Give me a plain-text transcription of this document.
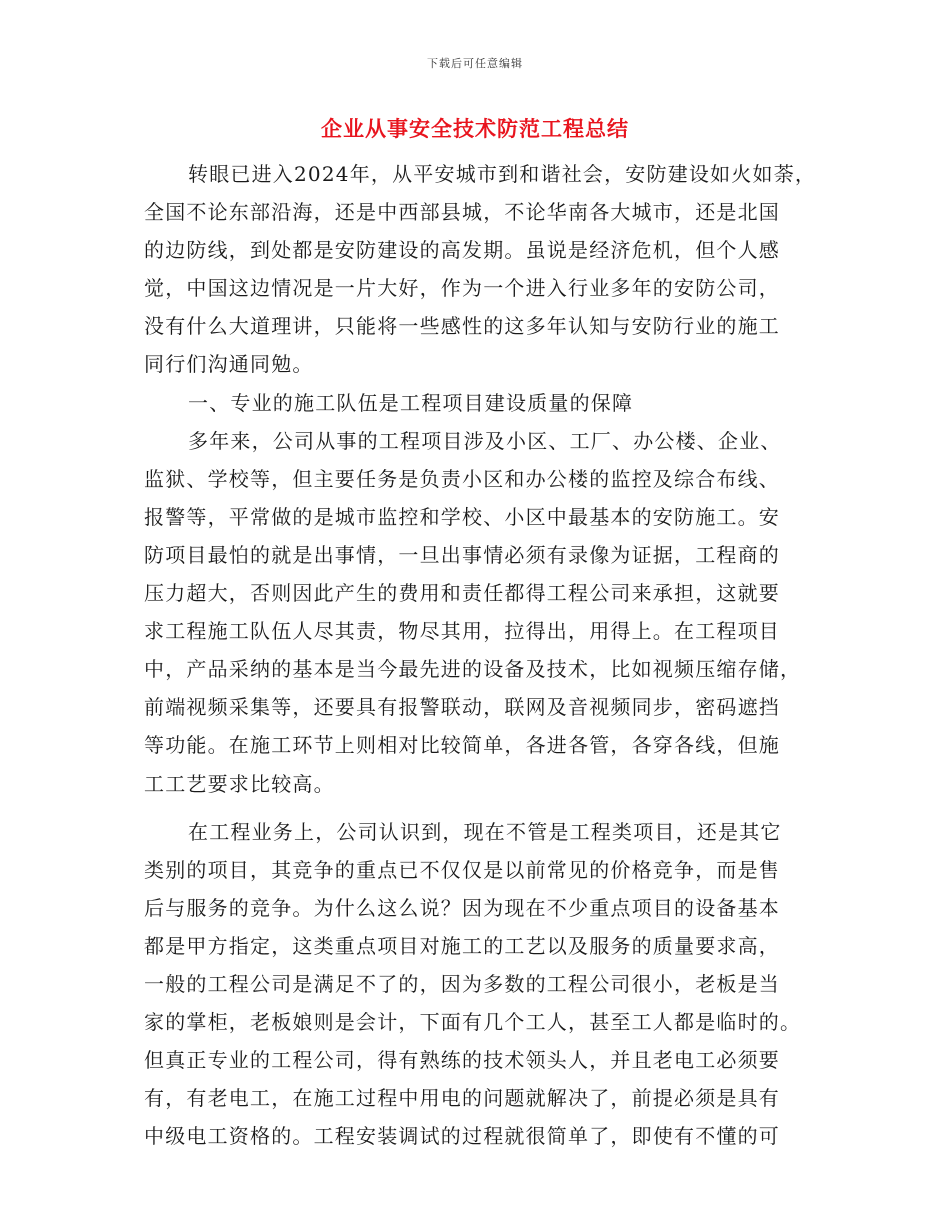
下载后可任意编辑
企业从事安全技术防范工程总结
转眼已进入2024年，从平安城市到和谐社会，安防建设如火如荼，
全国不论东部沿海，还是中西部县城，不论华南各大城市，还是北国
的边防线，到处都是安防建设的高发期。虽说是经济危机，但个人感
觉，中国这边情况是一片大好，作为一个进入行业多年的安防公司，
没有什么大道理讲，只能将一些感性的这多年认知与安防行业的施工
同行们沟通同勉。
一、专业的施工队伍是工程项目建设质量的保障
多年来，公司从事的工程项目涉及小区、工厂、办公楼、企业、
监狱、学校等，但主要任务是负责小区和办公楼的监控及综合布线、
报警等，平常做的是城市监控和学校、小区中最基本的安防施工。安
防项目最怕的就是出事情，一旦出事情必须有录像为证据，工程商的
压力超大，否则因此产生的费用和责任都得工程公司来承担，这就要
求工程施工队伍人尽其责，物尽其用，拉得出，用得上。在工程项目
中，产品采纳的基本是当今最先进的设备及技术，比如视频压缩存储，
前端视频采集等，还要具有报警联动，联网及音视频同步，密码遮挡
等功能。在施工环节上则相对比较简单，各进各管，各穿各线，但施
工工艺要求比较高。
在工程业务上，公司认识到，现在不管是工程类项目，还是其它
类别的项目，其竞争的重点已不仅仅是以前常见的价格竞争，而是售
后与服务的竞争。为什么这么说？因为现在不少重点项目的设备基本
都是甲方指定，这类重点项目对施工的工艺以及服务的质量要求高，
一般的工程公司是满足不了的，因为多数的工程公司很小，老板是当
家的掌柜，老板娘则是会计，下面有几个工人，甚至工人都是临时的。
但真正专业的工程公司，得有熟练的技术领头人，并且老电工必须要
有，有老电工，在施工过程中用电的问题就解决了，前提必须是具有
中级电工资格的。工程安装调试的过程就很简单了，即使有不懂的可
